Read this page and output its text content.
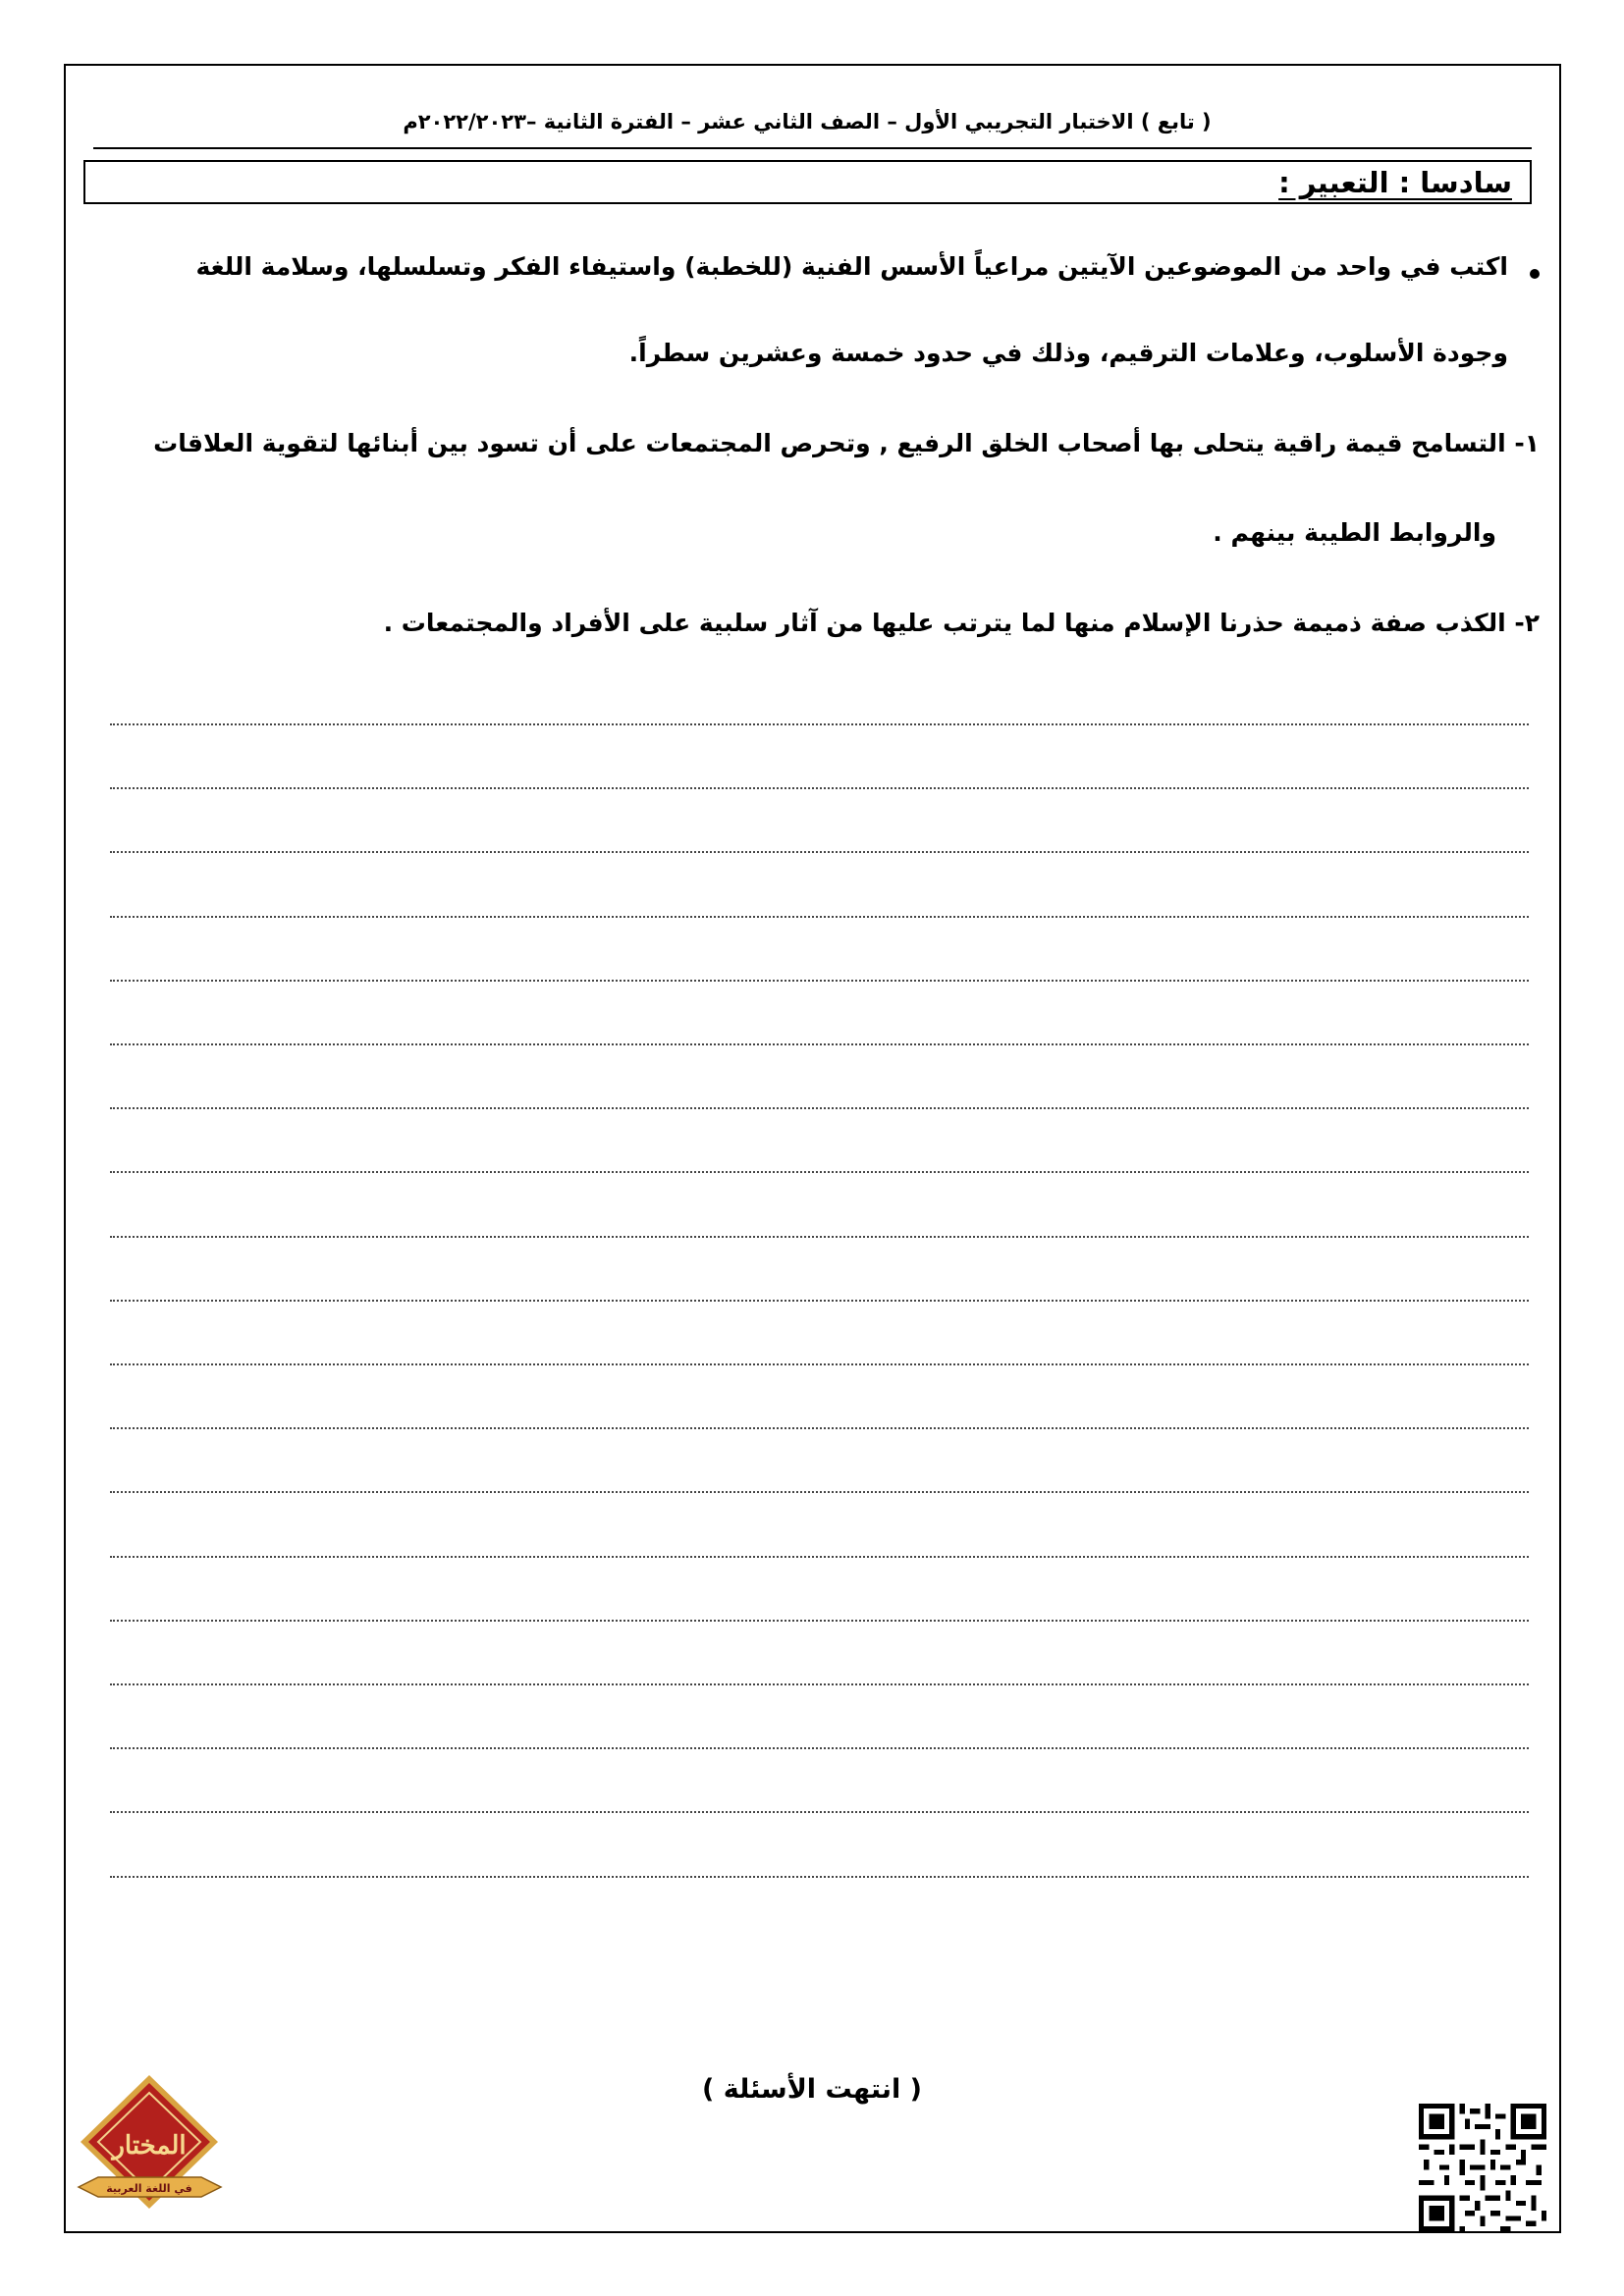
( تابع ) الاختبار التجريبي الأول – الصف الثاني عشر – الفترة الثانية –٢٠٢٢/٢٠٢٣م
سادسا : التعبير :
اكتب في واحد من الموضوعين الآيتين مراعياً الأسس الفنية (للخطبة) واستيفاء الفكر وتسلسلها، وسلامة اللغة
وجودة الأسلوب، وعلامات الترقيم، وذلك في حدود خمسة وعشرين سطراً.
١- التسامح قيمة راقية يتحلى بها أصحاب الخلق الرفيع , وتحرص المجتمعات على أن تسود بين أبنائها لتقوية العلاقات
والروابط الطيبة بينهم .
٢- الكذب صفة ذميمة حذرنا الإسلام منها لما يترتب عليها من آثار سلبية على الأفراد والمجتمعات .
( انتهت الأسئلة )
المختار
في اللغة العربية
